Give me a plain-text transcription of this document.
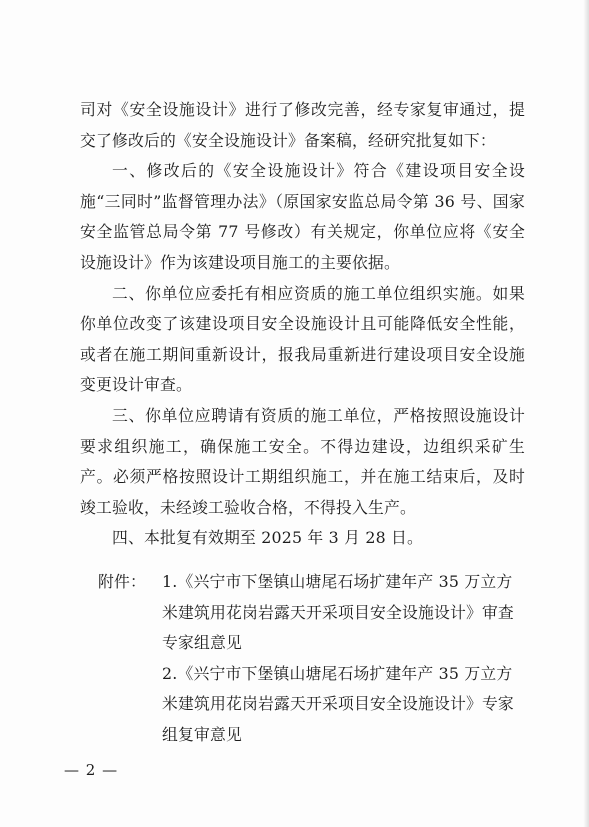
司对《安全设施设计》进行了修改完善，经专家复审通过，提交了修改后的《安全设施设计》备案稿，经研究批复如下：

一、修改后的《安全设施设计》符合《建设项目安全设施“三同时”监督管理办法》（原国家安监总局令第 36 号、国家安全监管总局令第 77 号修改）有关规定，你单位应将《安全设施设计》作为该建设项目施工的主要依据。

二、你单位应委托有相应资质的施工单位组织实施。如果你单位改变了该建设项目安全设施设计且可能降低安全性能，或者在施工期间重新设计，报我局重新进行建设项目安全设施变更设计审查。

三、你单位应聘请有资质的施工单位，严格按照设施设计要求组织施工，确保施工安全。不得边建设，边组织采矿生产。必须严格按照设计工期组织施工，并在施工结束后，及时竣工验收，未经竣工验收合格，不得投入生产。

四、本批复有效期至 2025 年 3 月 28 日。

附件：	1.《兴宁市下堡镇山塘尾石场扩建年产 35 万立方米建筑用花岗岩露天开采项目安全设施设计》审查专家组意见
2.《兴宁市下堡镇山塘尾石场扩建年产 35 万立方米建筑用花岗岩露天开采项目安全设施设计》专家组复审意见
— 2 —
